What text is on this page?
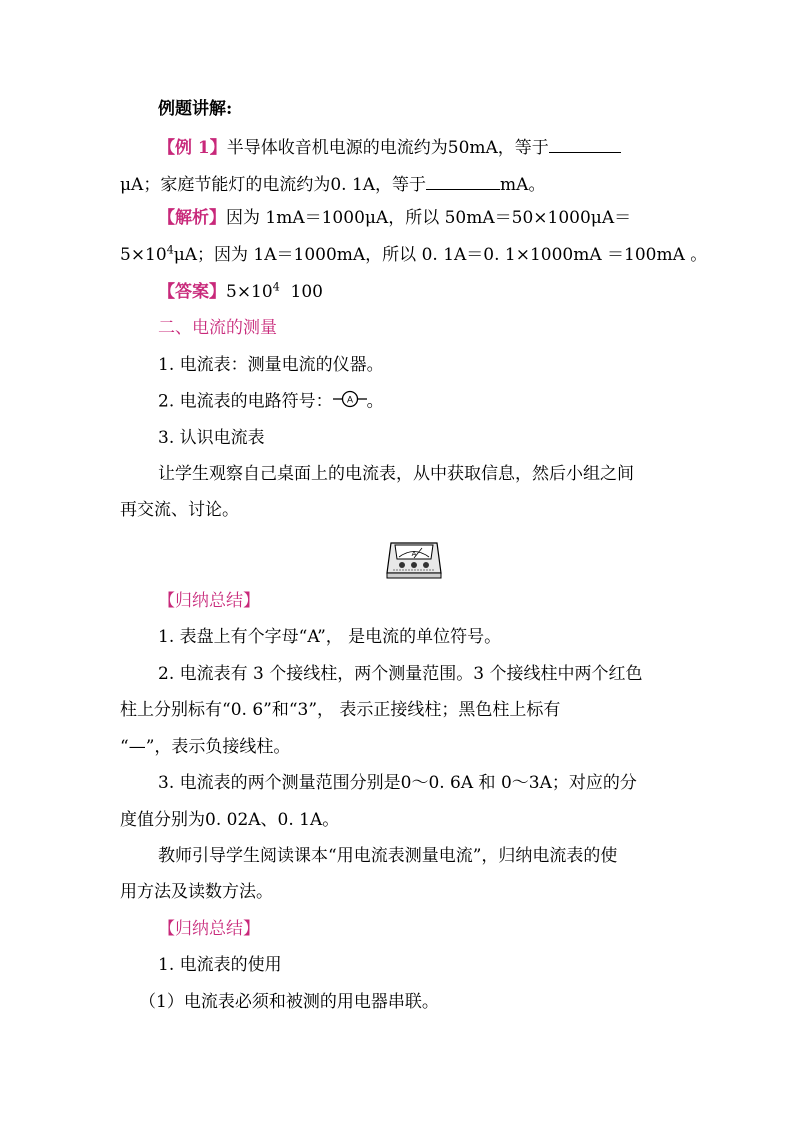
例题讲解:
【例 1】半导体收音机电源的电流约为50mA，等于
μA；家庭节能灯的电流约为0. 1A，等于	mA。
【解析】因为 1mA＝1000μA，所以 50mA＝50×1000μA＝
$5\times 10^4\mu A$；因为 1A＝1000mA，所以 0. 1A＝0. 1×1000mA ＝100mA 。
【答案】$5\times 10^4$  100
二、电流的测量
1. 电流表：测量电流的仪器。
2. 电流表的电路符号： A 。
3. 认识电流表
让学生观察自己桌面上的电流表，从中获取信息，然后小组之间
再交流、讨论。
A
【归纳总结】
1. 表盘上有个字母“A”， 是电流的单位符号。
2. 电流表有 3 个接线柱，两个测量范围。3 个接线柱中两个红色
柱上分别标有“0. 6”和“3”， 表示正接线柱；黑色柱上标有
“—”，表示负接线柱。
3. 电流表的两个测量范围分别是0～0. 6A 和 0～3A；对应的分
度值分别为0. 02A、0. 1A。
教师引导学生阅读课本“用电流表测量电流”，归纳电流表的使
用方法及读数方法。
【归纳总结】
1. 电流表的使用
（1）电流表必须和被测的用电器串联。
